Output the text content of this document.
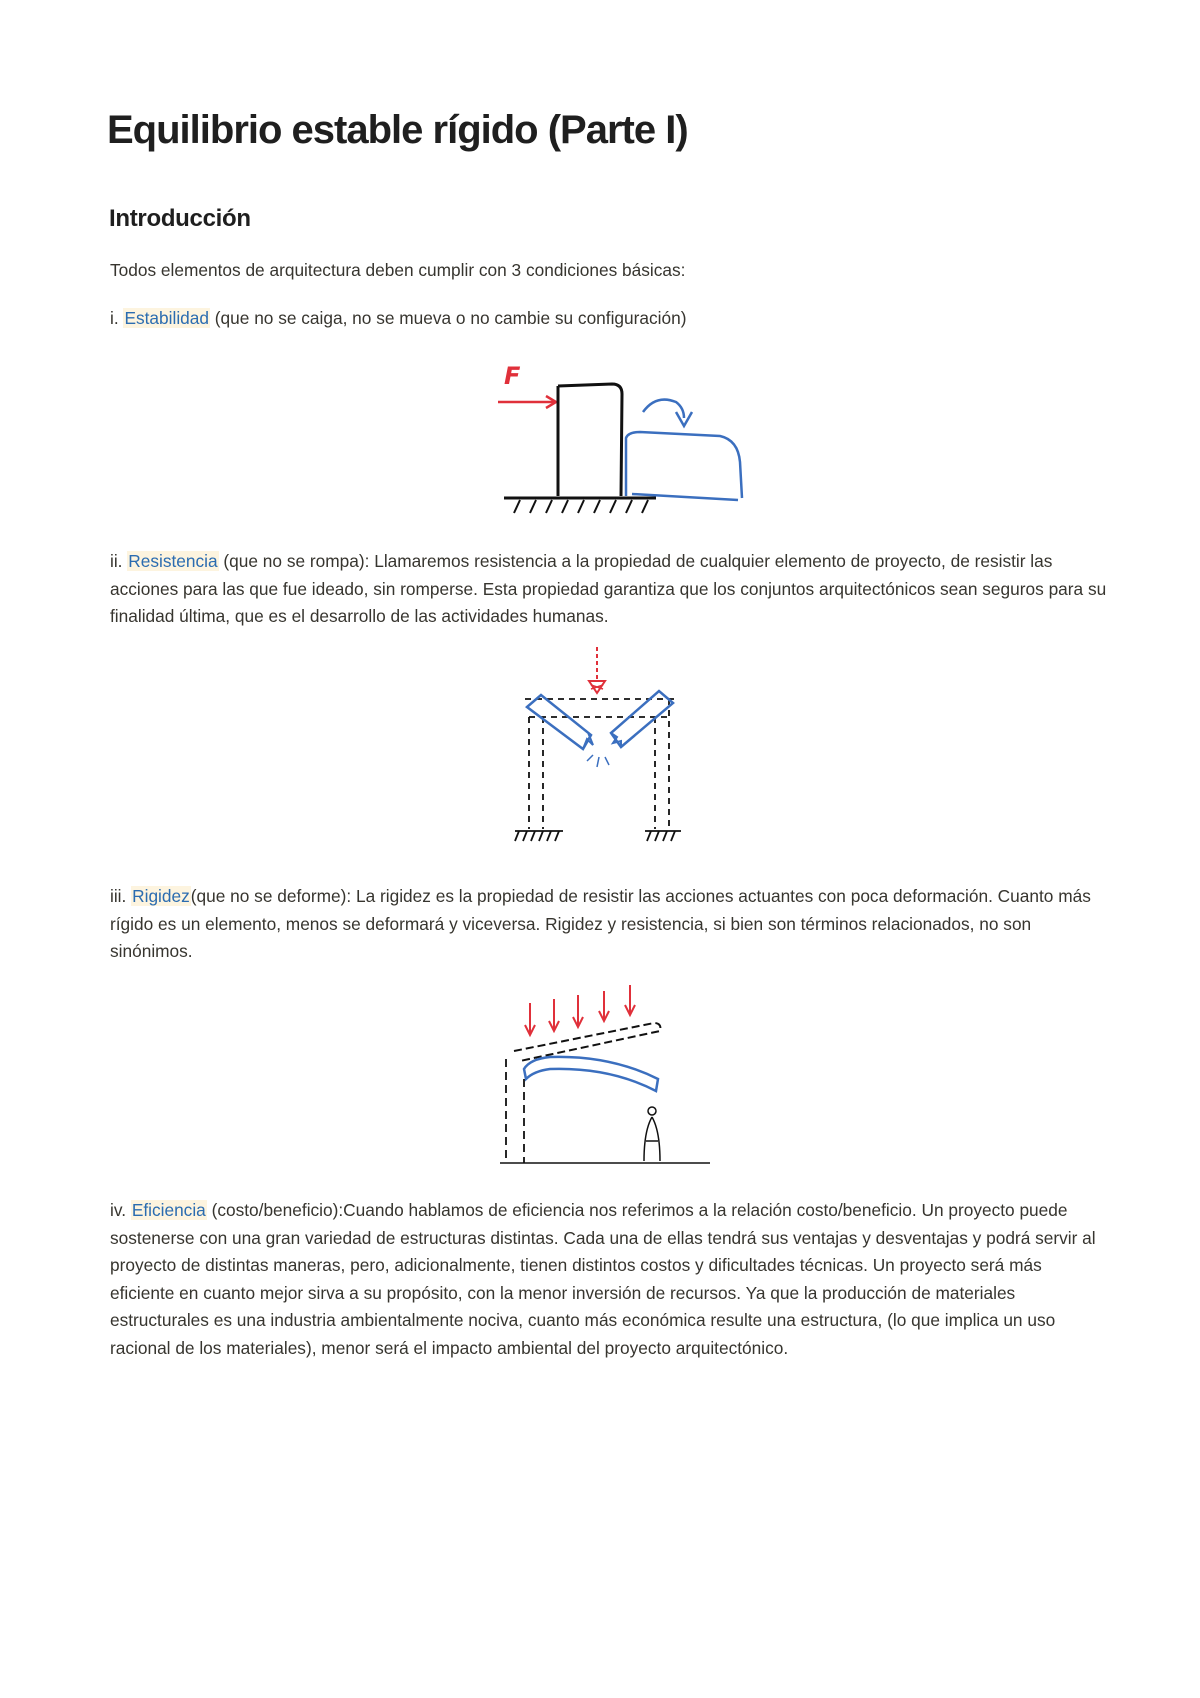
Equilibrio estable rígido (Parte I)
Introducción

Todos elementos de arquitectura deben cumplir con 3 condiciones básicas:

i. Estabilidad (que no se caiga, no se mueva o no cambie su configuración)

F

ii. Resistencia (que no se rompa): Llamaremos resistencia a la propiedad de cualquier elemento de proyecto, de resistir las acciones para las que fue ideado, sin romperse. Esta propiedad garantiza que los conjuntos arquitectónicos sean seguros para su finalidad última, que es el desarrollo de las actividades humanas.

iii. Rigidez(que no se deforme): La rigidez es la propiedad de resistir las acciones actuantes con poca deformación. Cuanto más rígido es un elemento, menos se deformará y viceversa. Rigidez y resistencia, si bien son términos relacionados, no son sinónimos.

iv. Eficiencia (costo/beneficio):Cuando hablamos de eficiencia nos referimos a la relación costo/beneficio. Un proyecto puede sostenerse con una gran variedad de estructuras distintas. Cada una de ellas tendrá sus ventajas y desventajas y podrá servir al proyecto de distintas maneras, pero, adicionalmente, tienen distintos costos y dificultades técnicas. Un proyecto será más eficiente en cuanto mejor sirva a su propósito, con la menor inversión de recursos. Ya que la producción de materiales estructurales es una industria ambientalmente nociva, cuanto más económica resulte una estructura, (lo que implica un uso racional de los materiales), menor será el impacto ambiental del proyecto arquitectónico.
